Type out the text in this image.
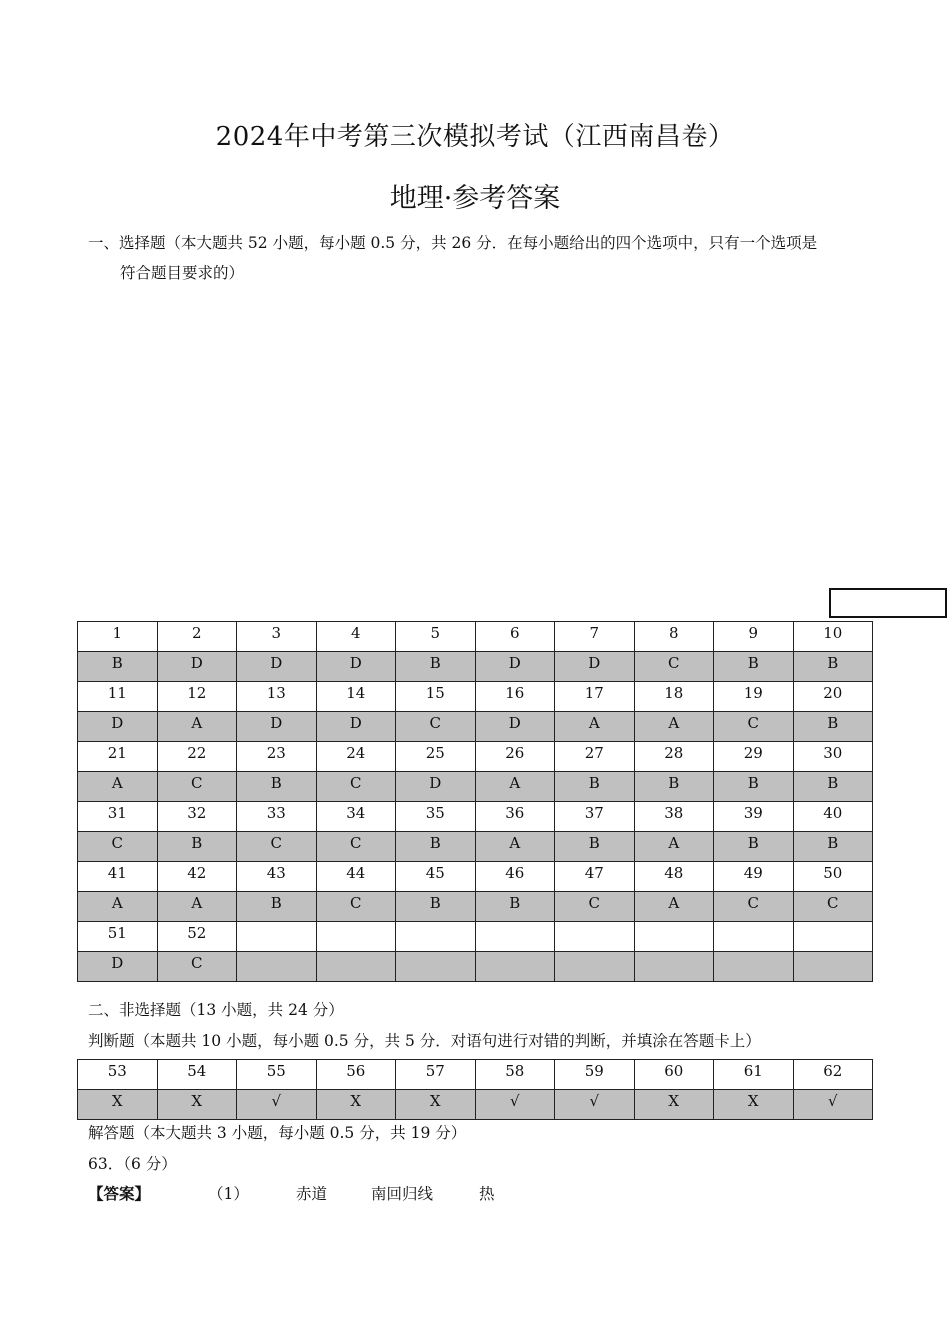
2024年中考第三次模拟考试（江西南昌卷）
地理·参考答案
一、选择题（本大题共 52 小题，每小题 0.5 分，共 26 分．在每小题给出的四个选项中，只有一个选项是
符合题目要求的）
1	2	3	4	5	6	7	8	9	10
B	D	D	D	B	D	D	C	B	B
11	12	13	14	15	16	17	18	19	20
D	A	D	D	C	D	A	A	C	B
21	22	23	24	25	26	27	28	29	30
A	C	B	C	D	A	B	B	B	B
31	32	33	34	35	36	37	38	39	40
C	B	C	C	B	A	B	A	B	B
41	42	43	44	45	46	47	48	49	50
A	A	B	C	B	B	C	A	C	C
51	52								
D	C								
二、非选择题（13 小题，共 24 分）
判断题（本题共 10 小题，每小题 0.5 分，共 5 分．对语句进行对错的判断，并填涂在答题卡上）
53	54	55	56	57	58	59	60	61	62
X	X	√	X	X	√	√	X	X	√
解答题（本大题共 3 小题，每小题 0.5 分，共 19 分）
63．（6 分）
【答案】	（1）	赤道	南回归线	热
